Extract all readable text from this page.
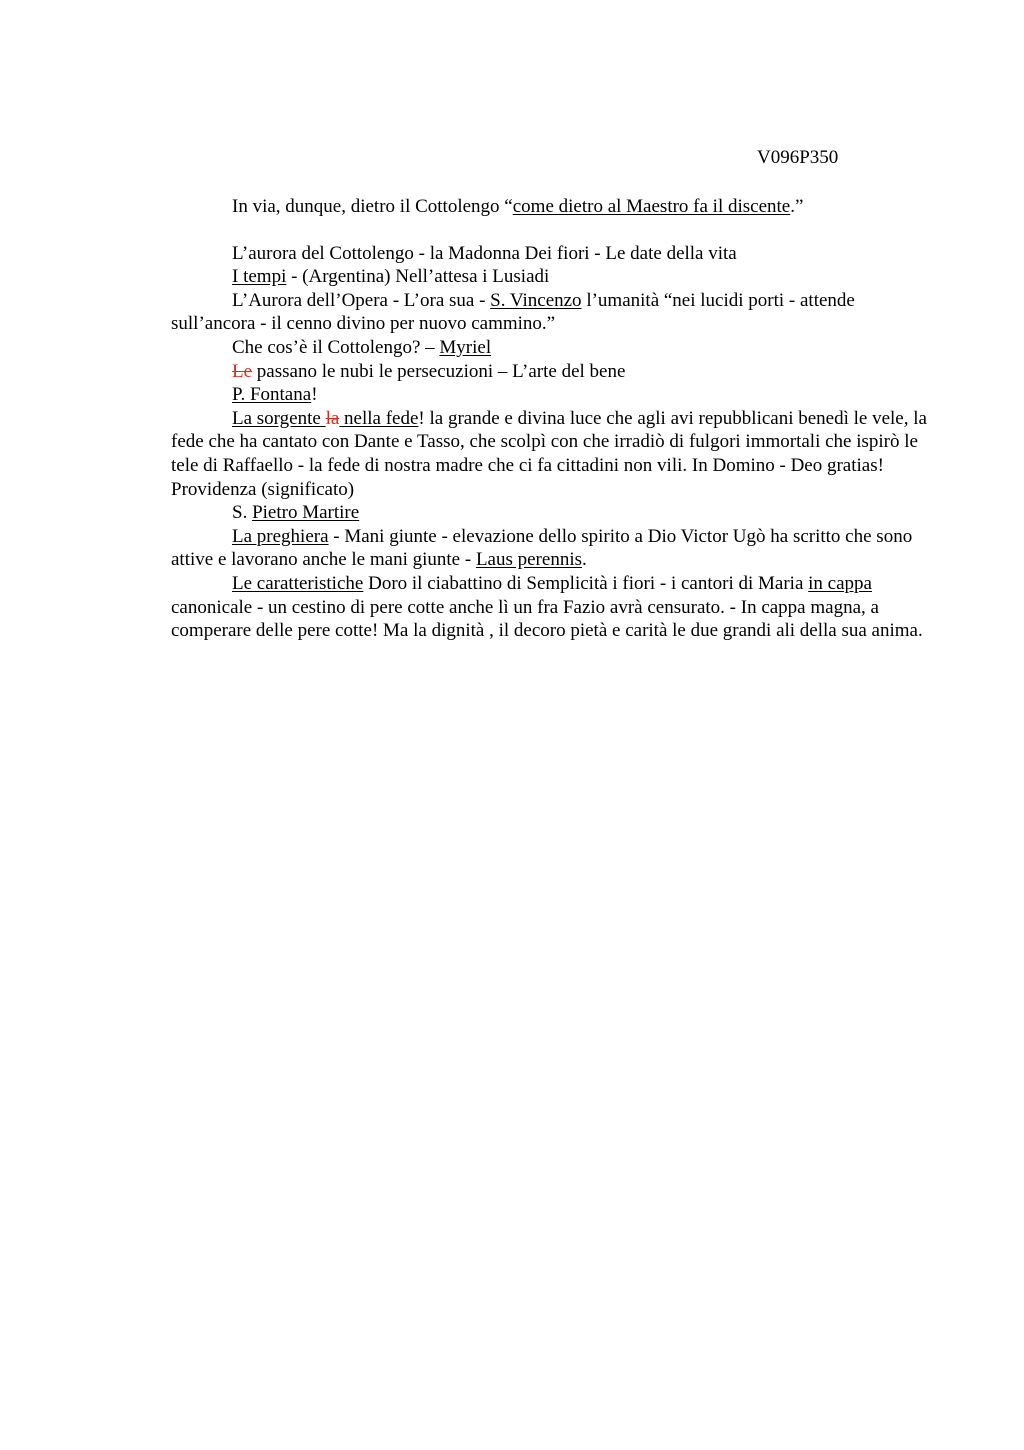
V096P350

In via, dunque, dietro il Cottolengo “come dietro al Maestro fa il discente.”

L’aurora del Cottolengo - la Madonna Dei fiori - Le date della vita

I tempi - (Argentina) Nell’attesa i Lusiadi

L’Aurora dell’Opera - L’ora sua - S. Vincenzo l’umanità “nei lucidi porti - attende sull’ancora - il cenno divino per nuovo cammino.”

Che cos’è il Cottolengo? – Myriel

Le passano le nubi le persecuzioni – L’arte del bene

P. Fontana!

La sorgente la nella fede! la grande e divina luce che agli avi repubblicani benedì le vele, la fede che ha cantato con Dante e Tasso, che scolpì con che irradiò di fulgori immortali che ispirò le tele di Raffaello - la fede di nostra madre che ci fa cittadini non vili. In Domino - Deo gratias! Providenza (significato)

S. Pietro Martire

La preghiera - Mani giunte - elevazione dello spirito a Dio Victor Ugò ha scritto che sono attive e lavorano anche le mani giunte - Laus perennis.

Le caratteristiche Doro il ciabattino di Semplicità i fiori - i cantori di Maria in cappa canonicale - un cestino di pere cotte anche lì un fra Fazio avrà censurato. - In cappa magna, a comperare delle pere cotte! Ma la dignità , il decoro pietà e carità le due grandi ali della sua anima.
